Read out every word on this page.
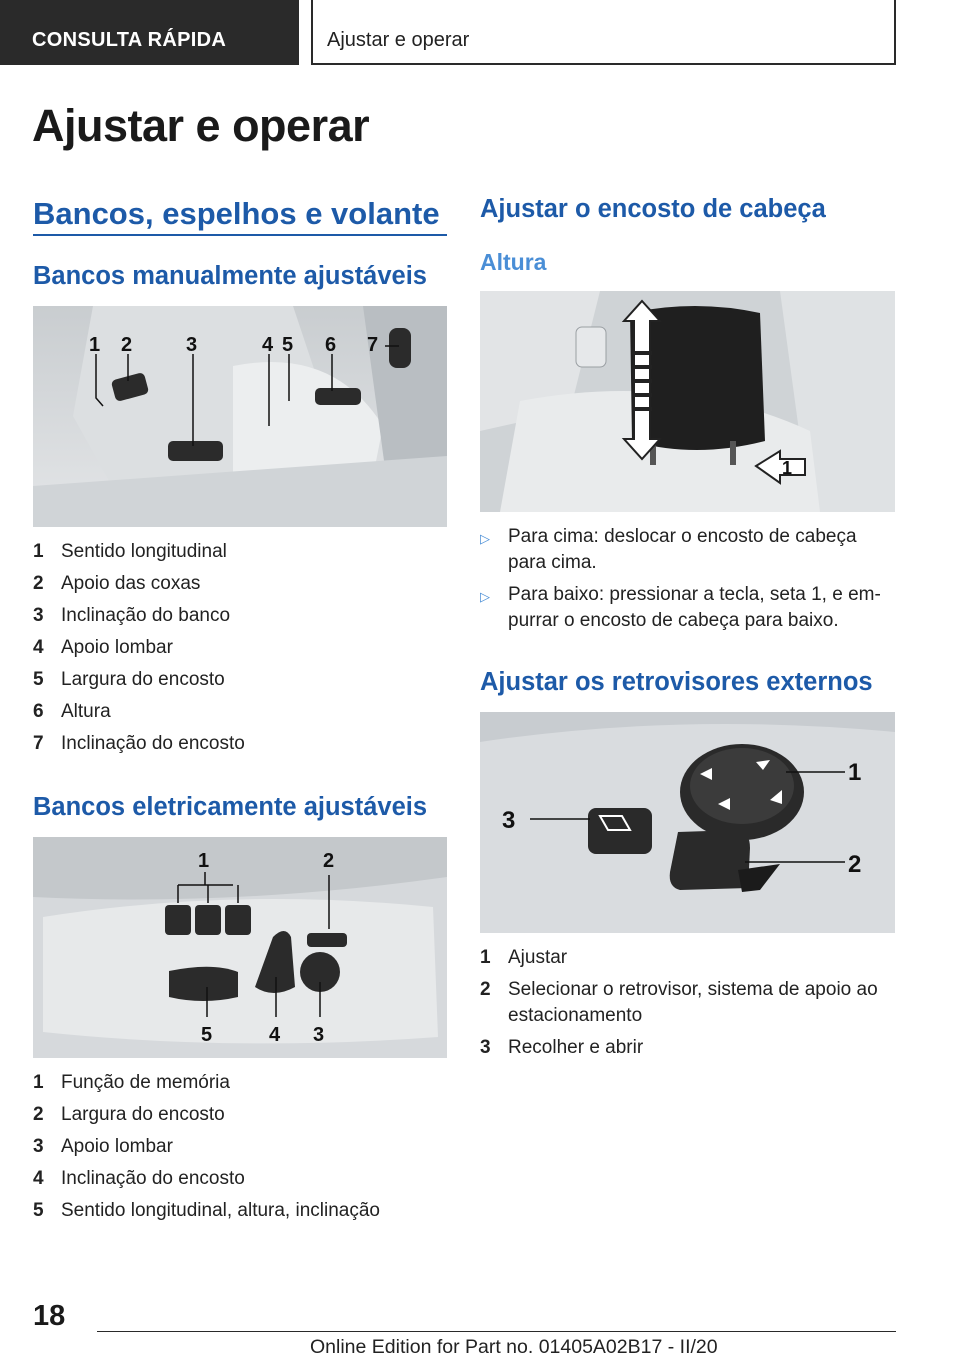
CONSULTA RÁPIDA	Ajustar e operar
Ajustar e operar
Bancos, espelhos e volante
Bancos manualmente ajustáveis
1 2	3	4 5 6 7
1 Sentido longitudinal
2 Apoio das coxas
3 Inclinação do banco
4 Apoio lombar
5 Largura do encosto
6 Altura
7 Inclinação do encosto
Bancos eletricamente ajustáveis
1	2
5	4 3
1 Função de memória
2 Largura do encosto
3 Apoio lombar
4 Inclinação do encosto
5 Sentido longitudinal, altura, inclinação
Ajustar o encosto de cabeça
Altura
1
▷ Para cima: deslocar o encosto de cabeça para cima.
▷ Para baixo: pressionar a tecla, seta 1, e em-purrar o encosto de cabeça para baixo.
Ajustar os retrovisores externos
1
3
2
1 Ajustar
2 Selecionar o retrovisor, sistema de apoio ao estacionamento
3 Recolher e abrir
18
Online Edition for Part no. 01405A02B17 - II/20
